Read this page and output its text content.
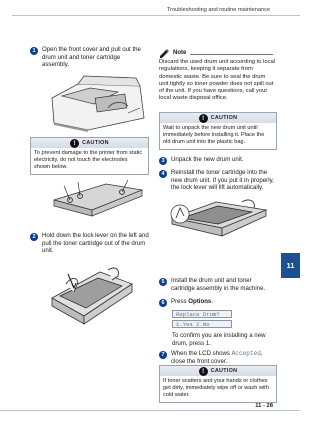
Troubleshooting and routine maintenance
11
1	Open the front cover and pull out the drum unit and toner cartridge assembly.
!	CAUTION
To prevent damage to the printer from static electricity, do not touch the electrodes shown below.
2	Hold down the lock lever on the left and pull the toner cartridge out of the drum unit.
Note
Discard the used drum unit according to local regulations, keeping it separate from domestic waste. Be sure to seal the drum unit tightly so toner powder does not spill out of the unit. If you have questions, call your local waste disposal office.
!	CAUTION
Wait to unpack the new drum unit until immediately before installing it. Place the old drum unit into the plastic bag.
3	Unpack the new drum unit.
4	Reinstall the toner cartridge into the new drum unit. If you put it in properly, the lock lever will lift automatically.
5	Install the drum unit and toner cartridge assembly in the machine.
6	Press Options.
Replace Drum?
1.Yes 2.No
To confirm you are installing a new drum, press 1.
7	When the LCD shows Accepted, close the front cover.
!	CAUTION
If toner scatters and your hands or clothes get dirty, immediately wipe off or wash with cold water.
11 - 28
